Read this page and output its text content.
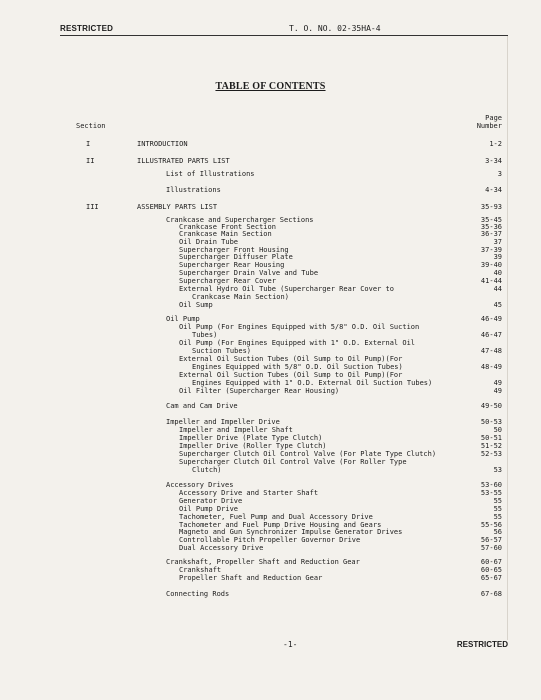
RESTRICTED	T. O. NO. 02-35HA-4
TABLE OF CONTENTS
Section
Page
Number
I	INTRODUCTION	1-2
II	ILLUSTRATED PARTS LIST	3-34
List of Illustrations	3
Illustrations	4-34
III	ASSEMBLY PARTS LIST	35-93
Crankcase and Supercharger Sections	35-45
Crankcase Front Section	35-36
Crankcase Main Section	36-37
Oil Drain Tube	37
Supercharger Front Housing	37-39
Supercharger Diffuser Plate	39
Supercharger Rear Housing	39-40
Supercharger Drain Valve and Tube	40
Supercharger Rear Cover	41-44
External Hydro Oil Tube (Supercharger Rear Cover to	44
Crankcase Main Section)
Oil Sump	45
Oil Pump	46-49
Oil Pump (For Engines Equipped with 5/8" O.D. Oil Suction
Tubes)	46-47
Oil Pump (For Engines Equipped with 1" O.D. External Oil
Suction Tubes)	47-48
External Oil Suction Tubes (Oil Sump to Oil Pump)(For
Engines Equipped with 5/8" O.D. Oil Suction Tubes)	48-49
External Oil Suction Tubes (Oil Sump to Oil Pump)(For
Engines Equipped with 1" O.D. External Oil Suction Tubes)	49
Oil Filter (Supercharger Rear Housing)	49
Cam and Cam Drive	49-50
Impeller and Impeller Drive	50-53
Impeller and Impeller Shaft	50
Impeller Drive (Plate Type Clutch)	50-51
Impeller Drive (Roller Type Clutch)	51-52
Supercharger Clutch Oil Control Valve (For Plate Type Clutch)	52-53
Supercharger Clutch Oil Control Valve (For Roller Type
Clutch)	53
Accessory Drives	53-60
Accessory Drive and Starter Shaft	53-55
Generator Drive	55
Oil Pump Drive	55
Tachometer, Fuel Pump and Dual Accessory Drive	55
Tachometer and Fuel Pump Drive Housing and Gears	55-56
Magneto and Gun Synchronizer Impulse Generator Drives	56
Controllable Pitch Propeller Governor Drive	56-57
Dual Accessory Drive	57-60
Crankshaft, Propeller Shaft and Reduction Gear	60-67
Crankshaft	60-65
Propeller Shaft and Reduction Gear	65-67
Connecting Rods	67-68
-1-	RESTRICTED
